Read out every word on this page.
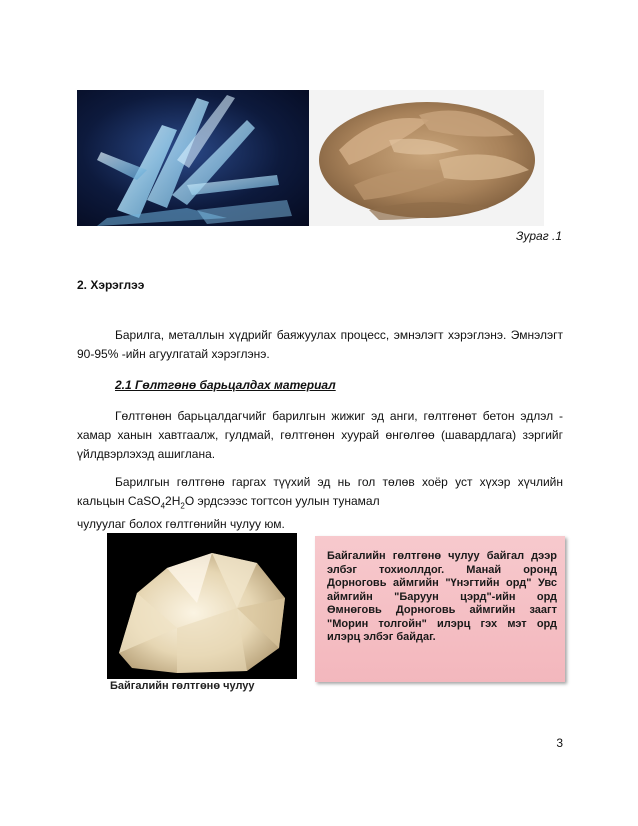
Зураг .1
2. Хэрэглээ
Барилга, металлын хүдрийг баяжуулах процесс, эмнэлэгт хэрэглэнэ. Эмнэлэгт 90-95% -ийн агуулгатай хэрэглэнэ.
2.1 Гөлтгөнө барьцалдах материал
Гөлтгөнөн барьцалдагчийг барилгын жижиг эд анги, гөлтгөнөт бетон эдлэл - хамар ханын хавтгаалж, гулдмай, гөлтгөнөн хуурай өнгөлгөө (шавардлага) зэргийг үйлдвэрлэхэд ашиглана.
Барилгын гөлтгөнө гаргах түүхий эд нь гол төлөв хоёр уст хүхэр хүчлийн кальцын $CaSO_42H_2O$ эрдсэээс тогтсон уулын тунамал
чулуулаг болох гөлтгөнийн чулуу юм.
Байгалийн гөлтгөнө чулуу

Байгалийн гөлтгөнө чулуу байгал дээр элбэг тохиоллдог. Манай оронд Дорноговь аймгийн "Үнэгтийн орд" Увс аймгийн "Баруун цэрд"-ийн орд Өмнөговь Дорноговь аймгийн заагт "Морин толгойн" илэрц гэх мэт орд илэрц элбэг байдаг.

3
